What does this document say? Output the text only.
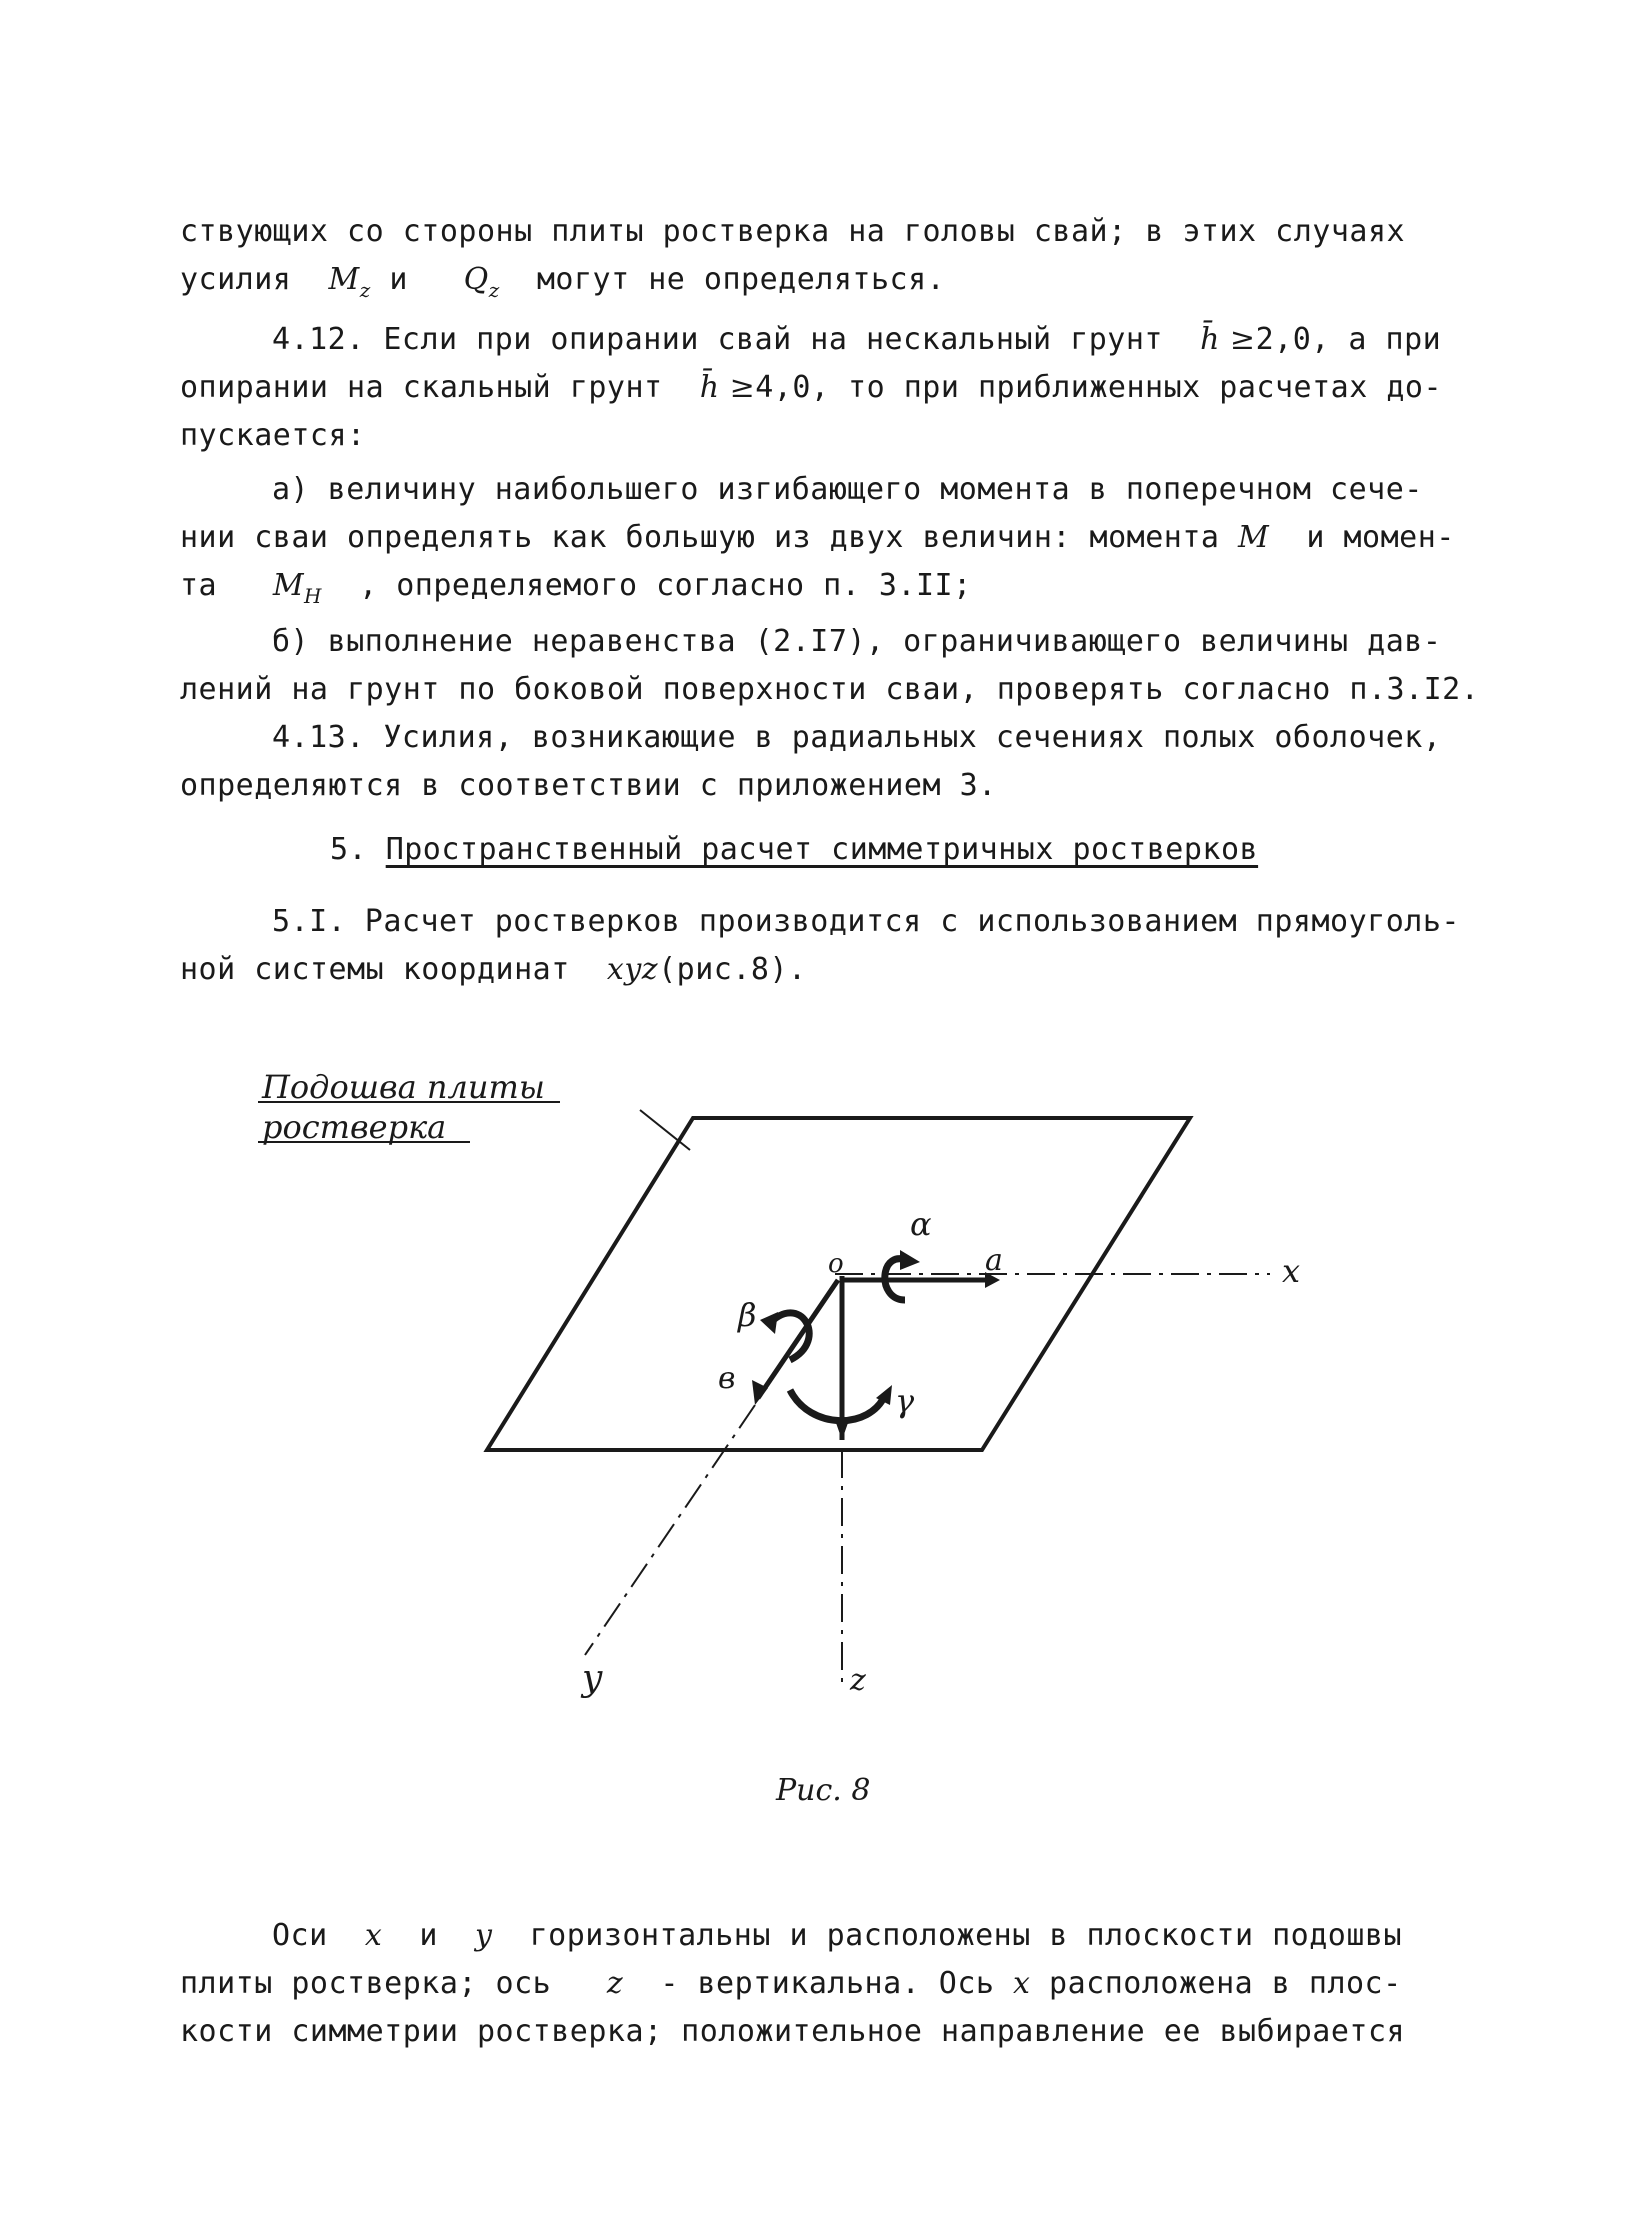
ствующих со стороны плиты ростверка на головы свай; в этих случаях
усилия $M_z$ и $Q_z$ могут не определяться.
4.12. Если при опирании свай на нескальный грунт h̄ ≥2,0, а при
опирании на скальный грунт h̄ ≥4,0, то при приближенных расчетах до-
пускается:
а) величину наибольшего изгибающего момента в поперечном сече-
нии сваи определять как большую из двух величин: момента M и момен-
та $M_H$ , определяемого согласно п. 3.II;
б) выполнение неравенства (2.I7), ограничивающего величины дав-
лений на грунт по боковой поверхности сваи, проверять согласно п.3.I2.
4.13. Усилия, возникающие в радиальных сечениях полых оболочек,
определяются в соответствии с приложением 3.
5. Пространственный расчет симметричных ростверков
5.I. Расчет ростверков производится с использованием прямоуголь-
ной системы координат xyz(рис.8).
Подошва плиты
ростверка
x
a
α
o
z
γ
y
β
в
Рис. 8
Оси x и y горизонтальны и расположены в плоскости подошвы
плиты ростверка; ось z - вертикальна. Ось x расположена в плос-
кости симметрии ростверка; положительное направление ее выбирается
